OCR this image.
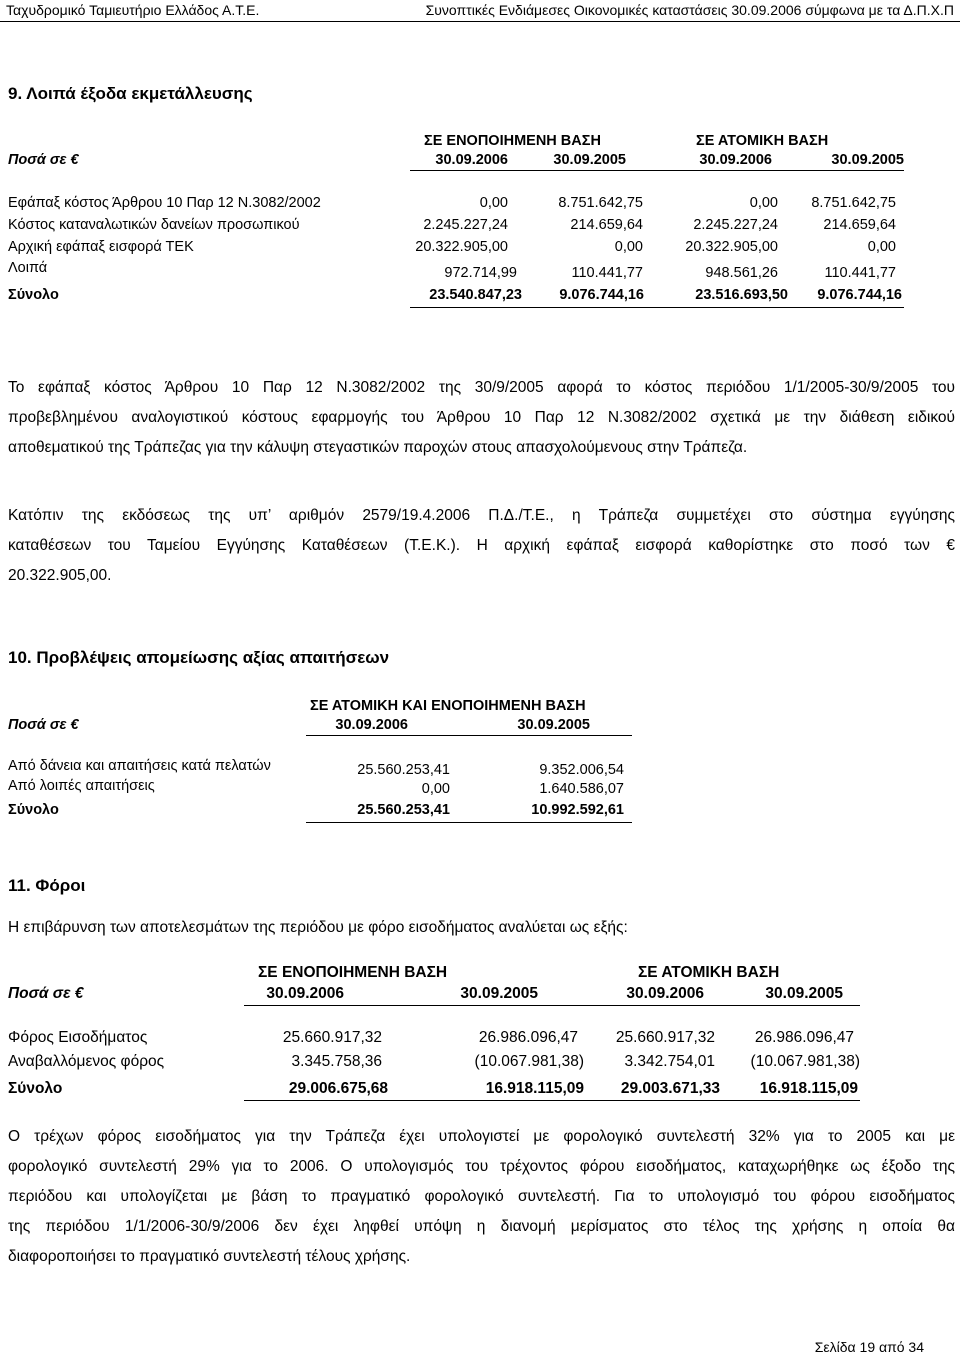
Ταχυδρομικό Ταμιευτήριο Ελλάδος Α.Τ.Ε.	Συνοπτικές Ενδιάμεσες Οικονομικές καταστάσεις 30.09.2006 σύμφωνα με τα Δ.Π.Χ.Π
9. Λοιπά έξοδα εκμετάλλευσης
ΣΕ ΕΝΟΠΟΙΗΜΕΝΗ ΒΑΣΗ	ΣΕ ΑΤΟΜΙΚΗ ΒΑΣΗ
Ποσά σε €	30.09.2006	30.09.2005	30.09.2006	30.09.2005
Εφάπαξ κόστος Άρθρου 10 Παρ 12 Ν.3082/2002	0,00	8.751.642,75	0,00	8.751.642,75
Κόστος καταναλωτικών δανείων προσωπικού	2.245.227,24	214.659,64	2.245.227,24	214.659,64
Αρχική εφάπαξ εισφορά ΤΕΚ	20.322.905,00	0,00	20.322.905,00	0,00
Λοιπά	972.714,99	110.441,77	948.561,26	110.441,77
Σύνολο	23.540.847,23	9.076.744,16	23.516.693,50	9.076.744,16

Το εφάπαξ κόστος Άρθρου 10 Παρ 12 Ν.3082/2002 της 30/9/2005 αφορά το κόστος περιόδου 1/1/2005-30/9/2005 του

προβεβλημένου αναλογιστικού κόστους εφαρμογής του Άρθρου 10 Παρ 12 Ν.3082/2002 σχετικά με την διάθεση ειδικού

αποθεματικού της Τράπεζας για την κάλυψη στεγαστικών παροχών στους απασχολούμενους στην Τράπεζα.

Κατόπιν της εκδόσεως της υπ’ αριθμόν 2579/19.4.2006 Π.Δ./Τ.Ε., η Τράπεζα συμμετέχει στο σύστημα εγγύησης

καταθέσεων του Ταμείου Εγγύησης Καταθέσεων (Τ.Ε.Κ.). Η αρχική εφάπαξ εισφορά καθορίστηκε στο ποσό των €

20.322.905,00.

10. Προβλέψεις απομείωσης αξίας απαιτήσεων
ΣΕ ΑΤΟΜΙΚΗ ΚΑΙ ΕΝΟΠΟΙΗΜΕΝΗ ΒΑΣΗ
Ποσά σε €	30.09.2006	30.09.2005
Από δάνεια και απαιτήσεις κατά πελατών	25.560.253,41	9.352.006,54
Από λοιπές απαιτήσεις	0,00	1.640.586,07
Σύνολο	25.560.253,41	10.992.592,61
11. Φόροι
Η επιβάρυνση των αποτελεσμάτων της περιόδου με φόρο εισοδήματος αναλύεται ως εξής:
ΣΕ ΕΝΟΠΟΙΗΜΕΝΗ ΒΑΣΗ	ΣΕ ΑΤΟΜΙΚΗ ΒΑΣΗ
Ποσά σε €	30.09.2006	30.09.2005	30.09.2006	30.09.2005
Φόρος Εισοδήματος	25.660.917,32	26.986.096,47	25.660.917,32	26.986.096,47
Αναβαλλόμενος φόρος	3.345.758,36	(10.067.981,38)	3.342.754,01	(10.067.981,38)
Σύνολο	29.006.675,68	16.918.115,09	29.003.671,33	16.918.115,09

Ο τρέχων φόρος εισοδήματος για την Τράπεζα έχει υπολογιστεί με φορολογικό συντελεστή 32% για το 2005 και με

φορολογικό συντελεστή 29% για το 2006. Ο υπολογισμός του τρέχοντος φόρου εισοδήματος, καταχωρήθηκε ως έξοδο της

περιόδου και υπολογίζεται με βάση το πραγματικό φορολογικό συντελεστή. Για το υπολογισμό του φόρου εισοδήματος

της περιόδου 1/1/2006-30/9/2006 δεν έχει ληφθεί υπόψη η διανομή μερίσματος στο τέλος της χρήσης η οποία θα

διαφοροποιήσει το πραγματικό συντελεστή τέλους χρήσης.

Σελίδα 19 από 34
